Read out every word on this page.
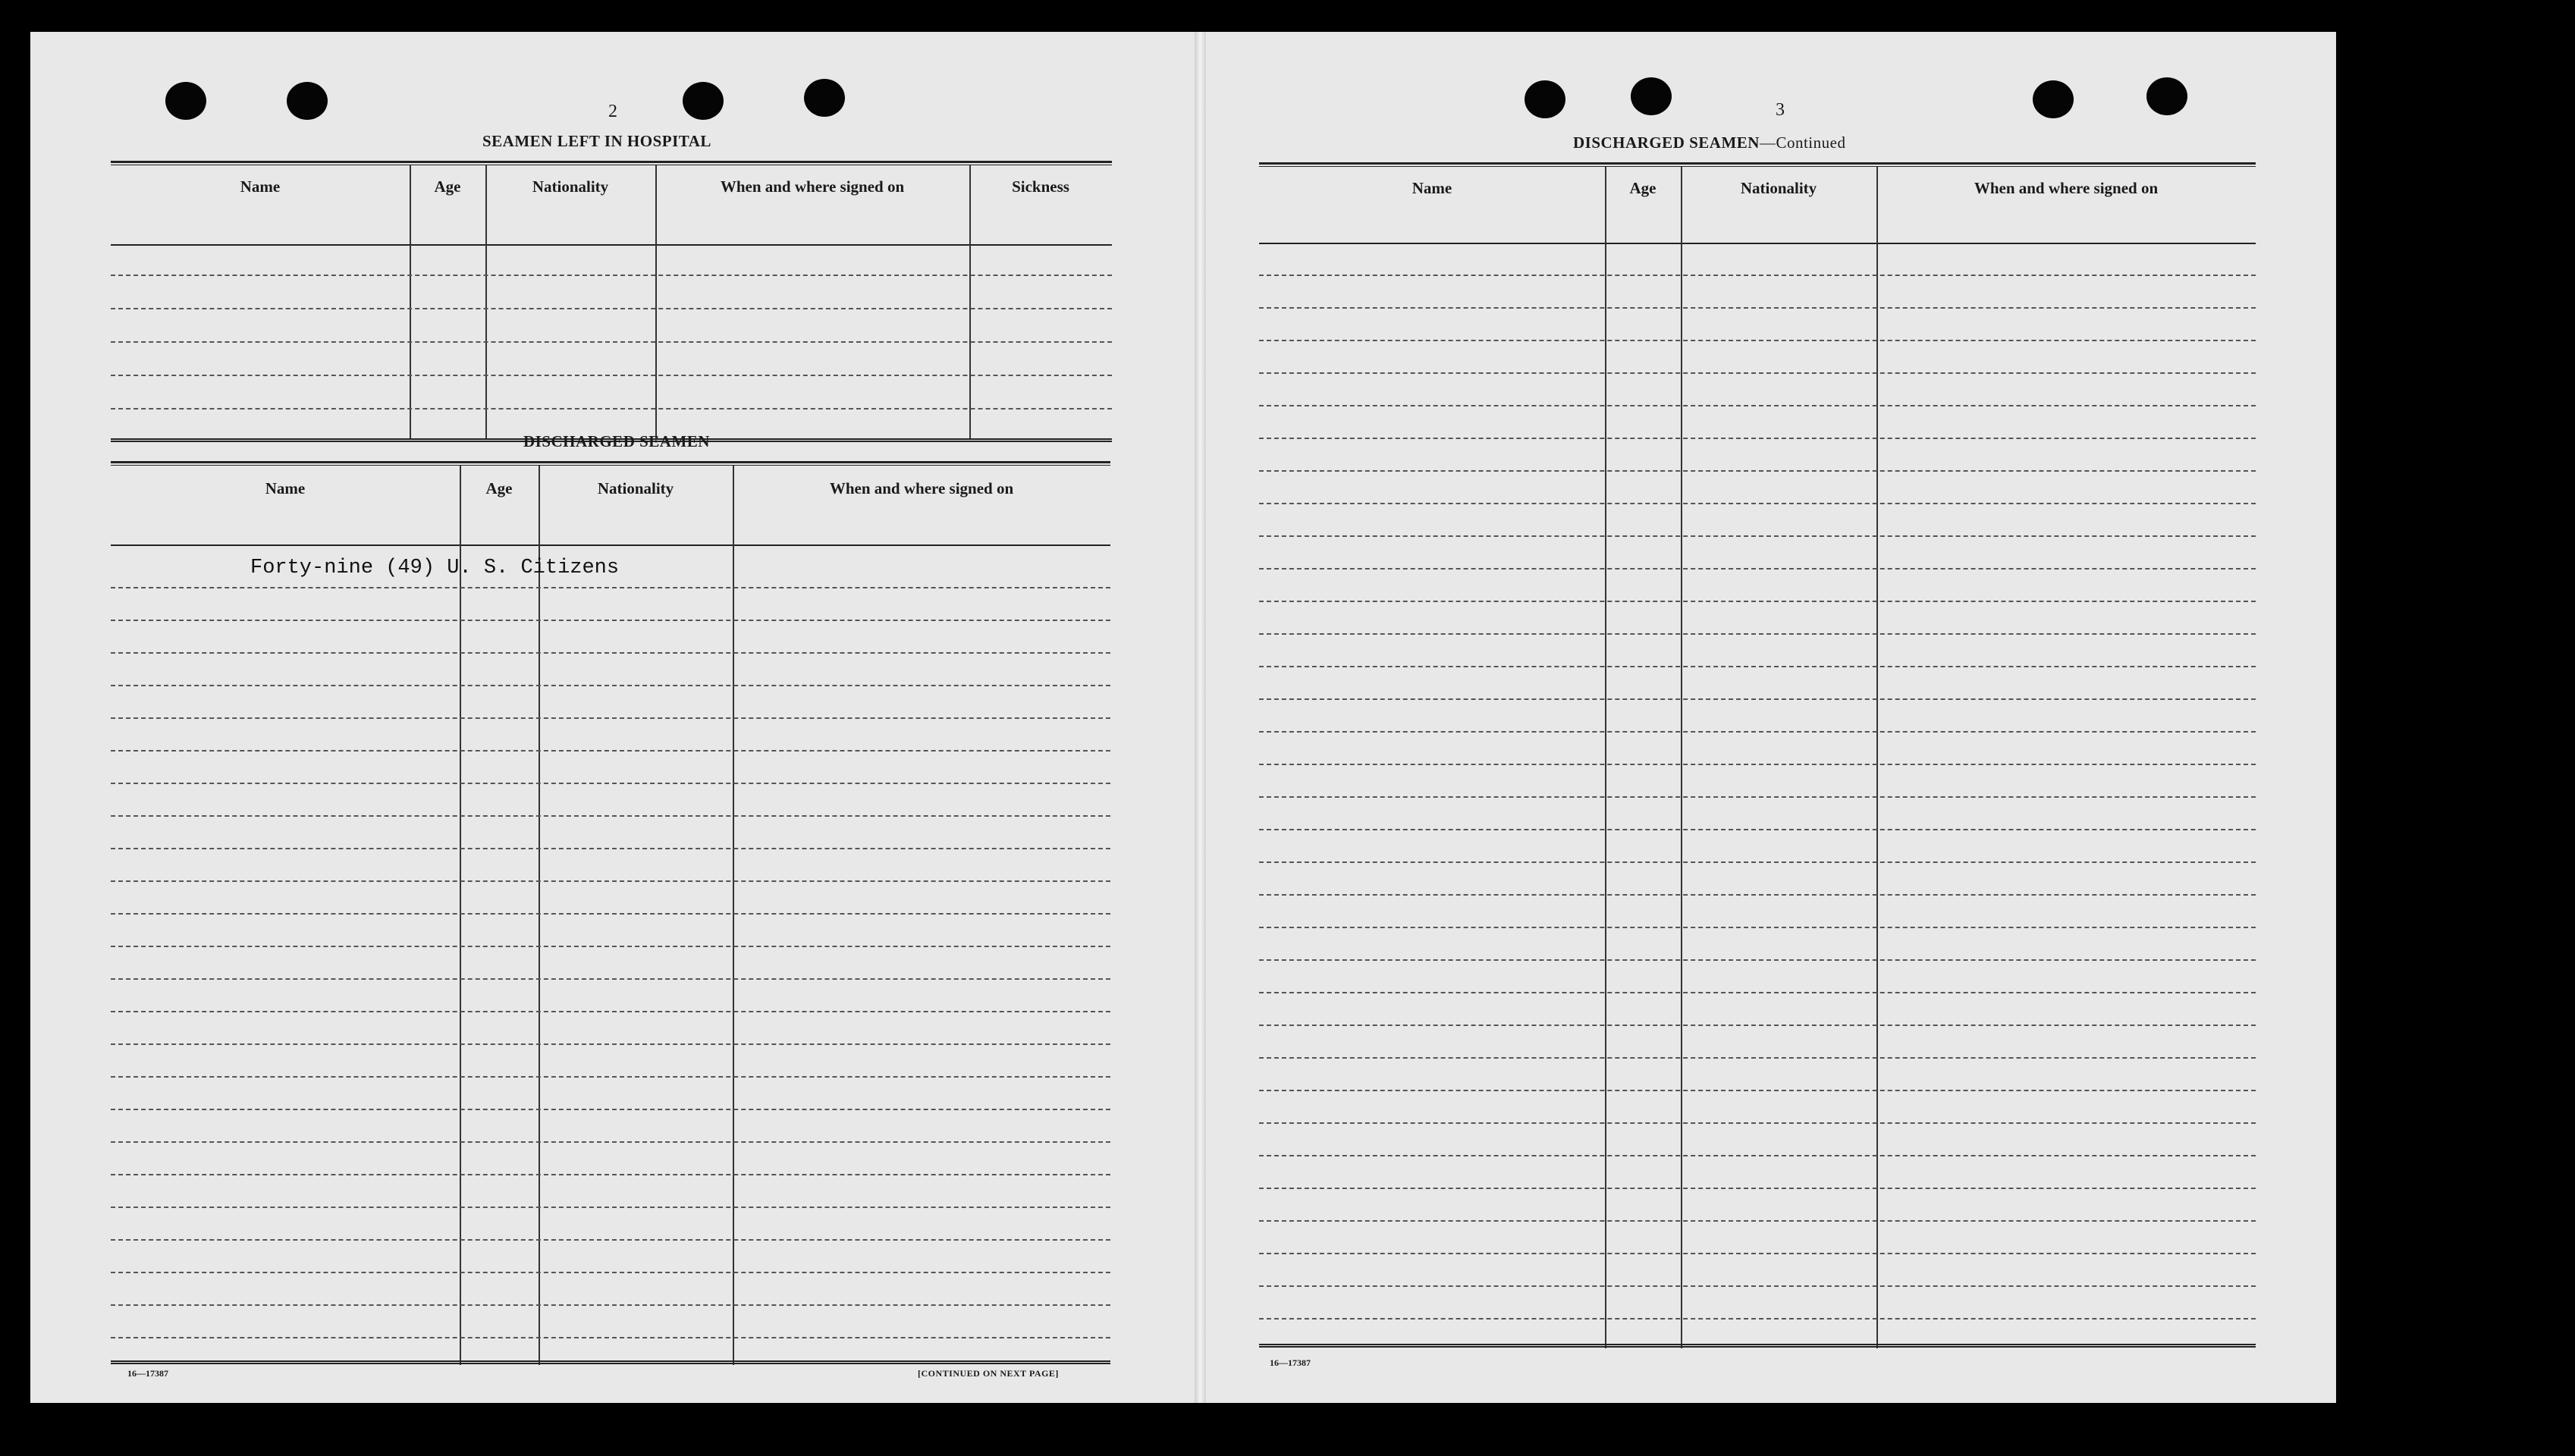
2
SEAMEN LEFT IN HOSPITAL
Name	Age	Nationality	When and where signed on	Sickness
DISCHARGED SEAMEN
Name	Age	Nationality	When and where signed on
Forty-nine (49) U. S. Citizens
16—17387	[CONTINUED ON NEXT PAGE]
3
DISCHARGED SEAMEN—Continued
Name	Age	Nationality	When and where signed on
16—17387
